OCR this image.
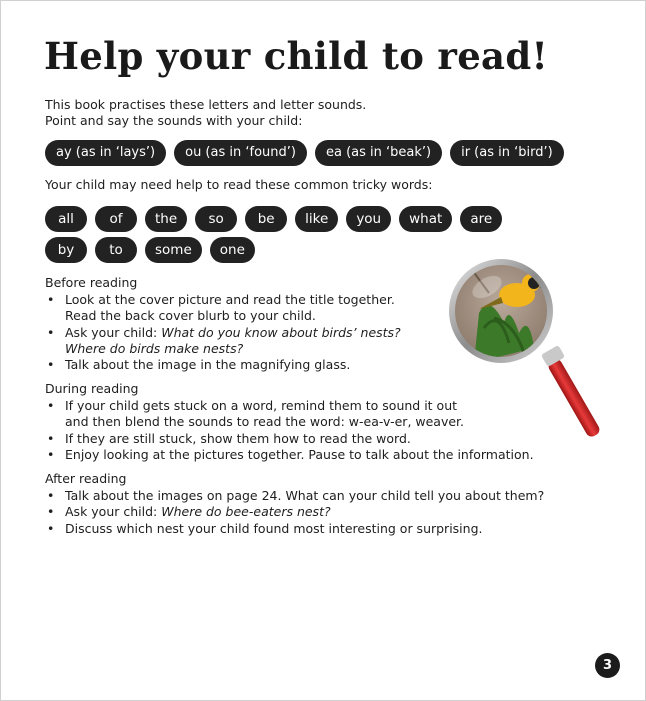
Help your child to read!
This book practises these letters and letter sounds.
Point and say the sounds with your child:
ay (as in ‘lays’)	ou (as in ‘found’)	ea (as in ‘beak’)	ir (as in ‘bird’)

Your child may need help to read these common tricky words:

all	of	the	so	be	like	you	what	are
by	to	some	one

Before reading

• Look at the cover picture and read the title together.
Read the back cover blurb to your child.
• Ask your child: What do you know about birds’ nests?
Where do birds make nests?
• Talk about the image in the magnifying glass.

During reading

• If your child gets stuck on a word, remind them to sound it out
and then blend the sounds to read the word: w-ea-v-er, weaver.
• If they are still stuck, show them how to read the word.
• Enjoy looking at the pictures together. Pause to talk about the information.

After reading

• Talk about the images on page 24. What can your child tell you about them?
• Ask your child: Where do bee-eaters nest?
• Discuss which nest your child found most interesting or surprising.
3
